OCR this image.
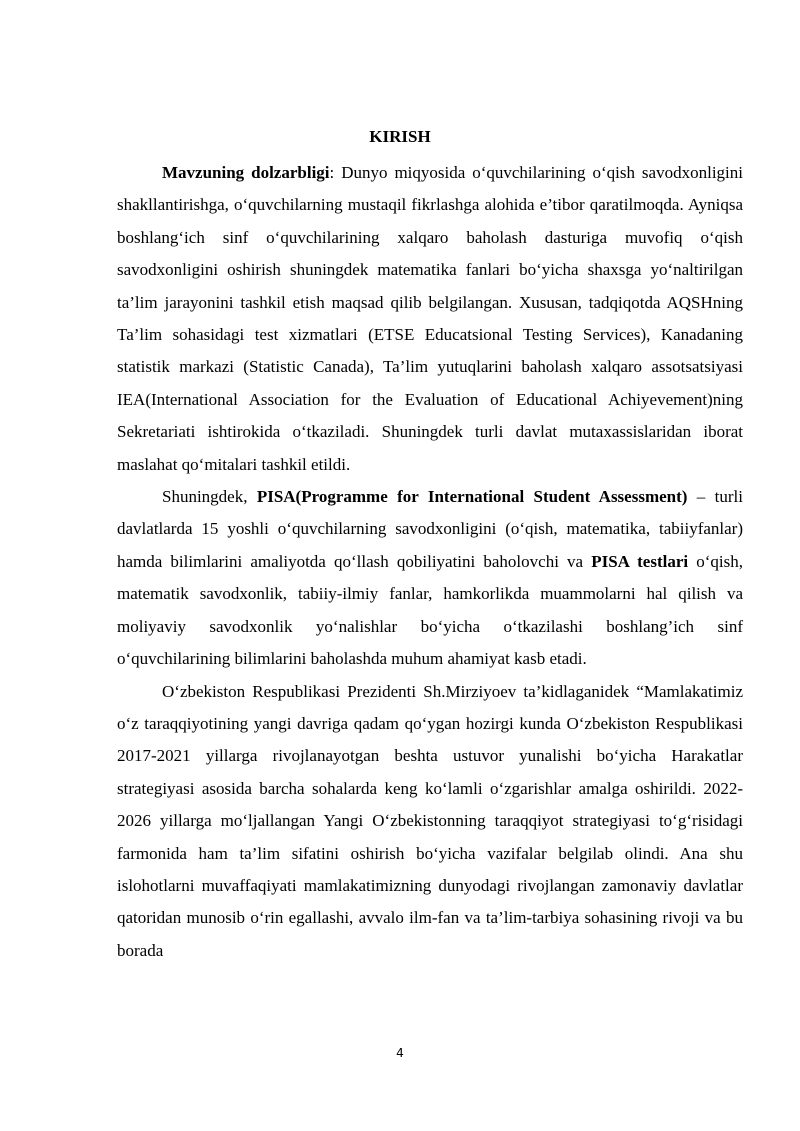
KIRISH

Mavzuning dolzarbligi: Dunyo miqyosida o‘quvchilarining o‘qish savodxonligini shakllantirishga, o‘quvchilarning mustaqil fikrlashga alohida e’tibor qaratilmoqda. Ayniqsa boshlang‘ich sinf o‘quvchilarining xalqaro baholash dasturiga muvofiq o‘qish savodxonligini oshirish shuningdek matematika fanlari bo‘yicha shaxsga yo‘naltirilgan ta’lim jarayonini tashkil etish maqsad qilib belgilangan. Xususan, tadqiqotda AQSHning Ta’lim sohasidagi test xizmatlari (ETSE Educatsional Testing Services), Kanadaning statistik markazi (Statistic Canada), Ta’lim yutuqlarini baholash xalqaro assotsatsiyasi IEA(International Association for the Evaluation of Educational Achiyevement)ning Sekretariati ishtirokida o‘tkaziladi. Shuningdek turli davlat mutaxassislaridan iborat maslahat qo‘mitalari tashkil etildi.

Shuningdek, PISA(Programme for International Student Assessment) – turli davlatlarda 15 yoshli o‘quvchilarning savodxonligini (o‘qish, matematika, tabiiyfanlar) hamda bilimlarini amaliyotda qo‘llash qobiliyatini baholovchi va PISA testlari o‘qish, matematik savodxonlik, tabiiy-ilmiy fanlar, hamkorlikda muammolarni hal qilish va moliyaviy savodxonlik yo‘nalishlar bo‘yicha o‘tkazilashi boshlang’ich sinf o‘quvchilarining bilimlarini baholashda muhum ahamiyat kasb etadi.

O‘zbekiston Respublikasi Prezidenti Sh.Mirziyoev ta’kidlaganidek “Mamlakatimiz o‘z taraqqiyotining yangi davriga qadam qo‘ygan hozirgi kunda O‘zbekiston Respublikasi 2017-2021 yillarga rivojlanayotgan beshta ustuvor yunalishi bo‘yicha Harakatlar strategiyasi asosida barcha sohalarda keng ko‘lamli o‘zgarishlar amalga oshirildi. 2022-2026 yillarga mo‘ljallangan Yangi O‘zbekistonning taraqqiyot strategiyasi to‘g‘risidagi farmonida ham ta’lim sifatini oshirish bo‘yicha vazifalar belgilab olindi. Ana shu islohotlarni muvaffaqiyati mamlakatimizning dunyodagi rivojlangan zamonaviy davlatlar qatoridan munosib o‘rin egallashi, avvalo ilm-fan va ta’lim-tarbiya sohasining rivoji va bu borada

4
